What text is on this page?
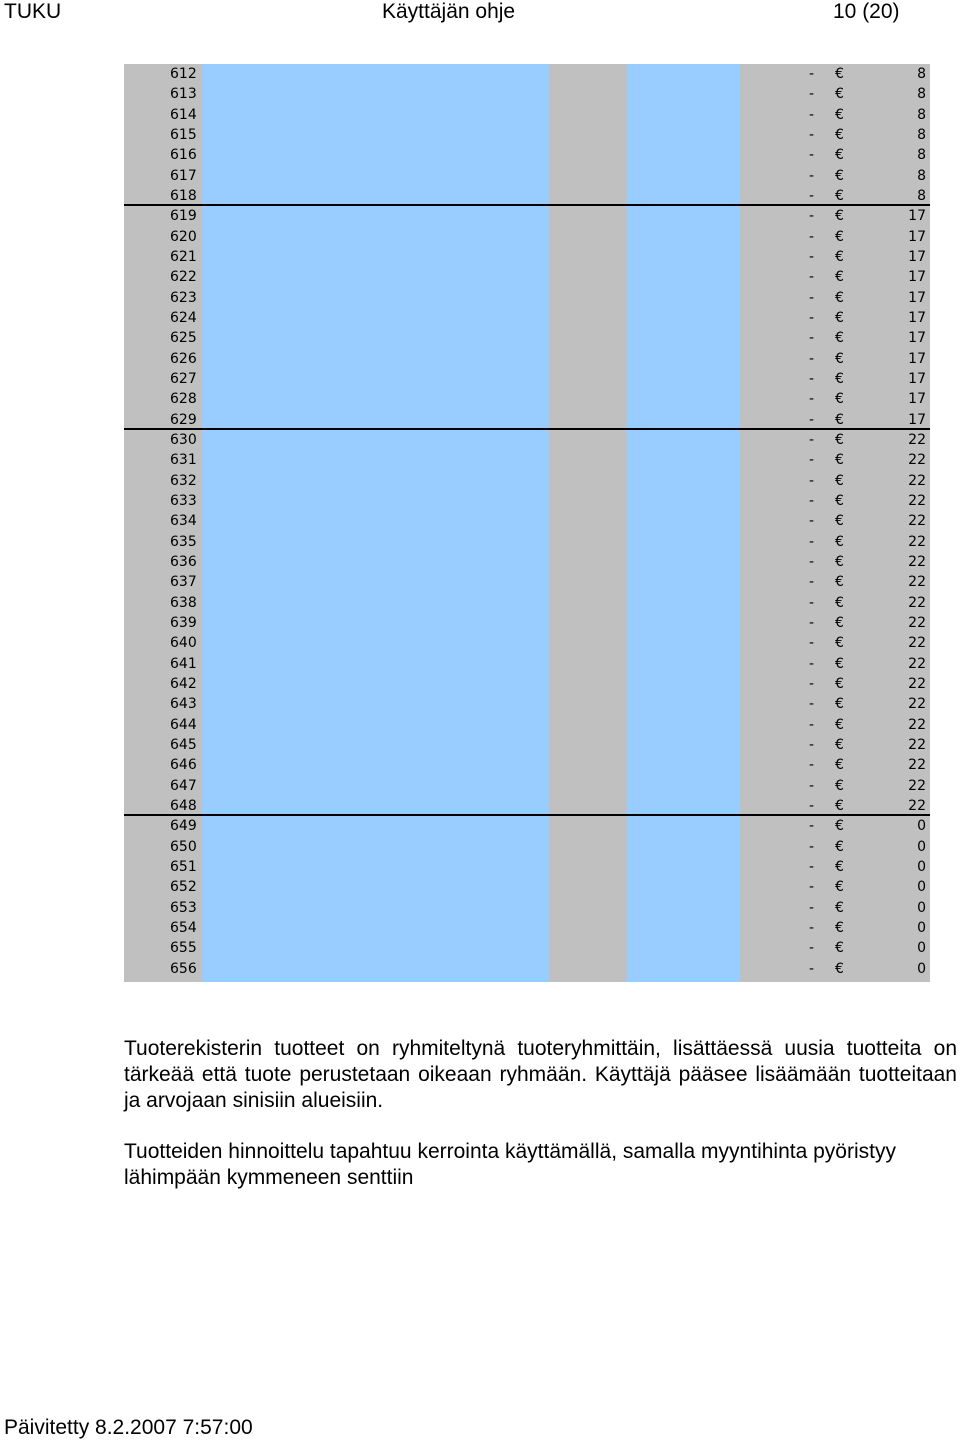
TUKU	Käyttäjän ohje	10 (20)
612	- €	8
613	- €	8
614	- €	8
615	- €	8
616	- €	8
617	- €	8
618	- €	8
619	- €	17
620	- €	17
621	- €	17
622	- €	17
623	- €	17
624	- €	17
625	- €	17
626	- €	17
627	- €	17
628	- €	17
629	- €	17
630	- €	22
631	- €	22
632	- €	22
633	- €	22
634	- €	22
635	- €	22
636	- €	22
637	- €	22
638	- €	22
639	- €	22
640	- €	22
641	- €	22
642	- €	22
643	- €	22
644	- €	22
645	- €	22
646	- €	22
647	- €	22
648	- €	22
649	- €	0
650	- €	0
651	- €	0
652	- €	0
653	- €	0
654	- €	0
655	- €	0
656	- €	0
Tuoterekisterin tuotteet on ryhmiteltynä tuoteryhmittäin, lisättäessä uusia tuotteita on tärkeää että tuote perustetaan oikeaan ryhmään. Käyttäjä pääsee lisäämään tuotteitaan ja arvojaan sinisiin alueisiin.
Tuotteiden hinnoittelu tapahtuu kerrointa käyttämällä, samalla myyntihinta pyöristyy lähimpään kymmeneen senttiin
Päivitetty 8.2.2007 7:57:00
